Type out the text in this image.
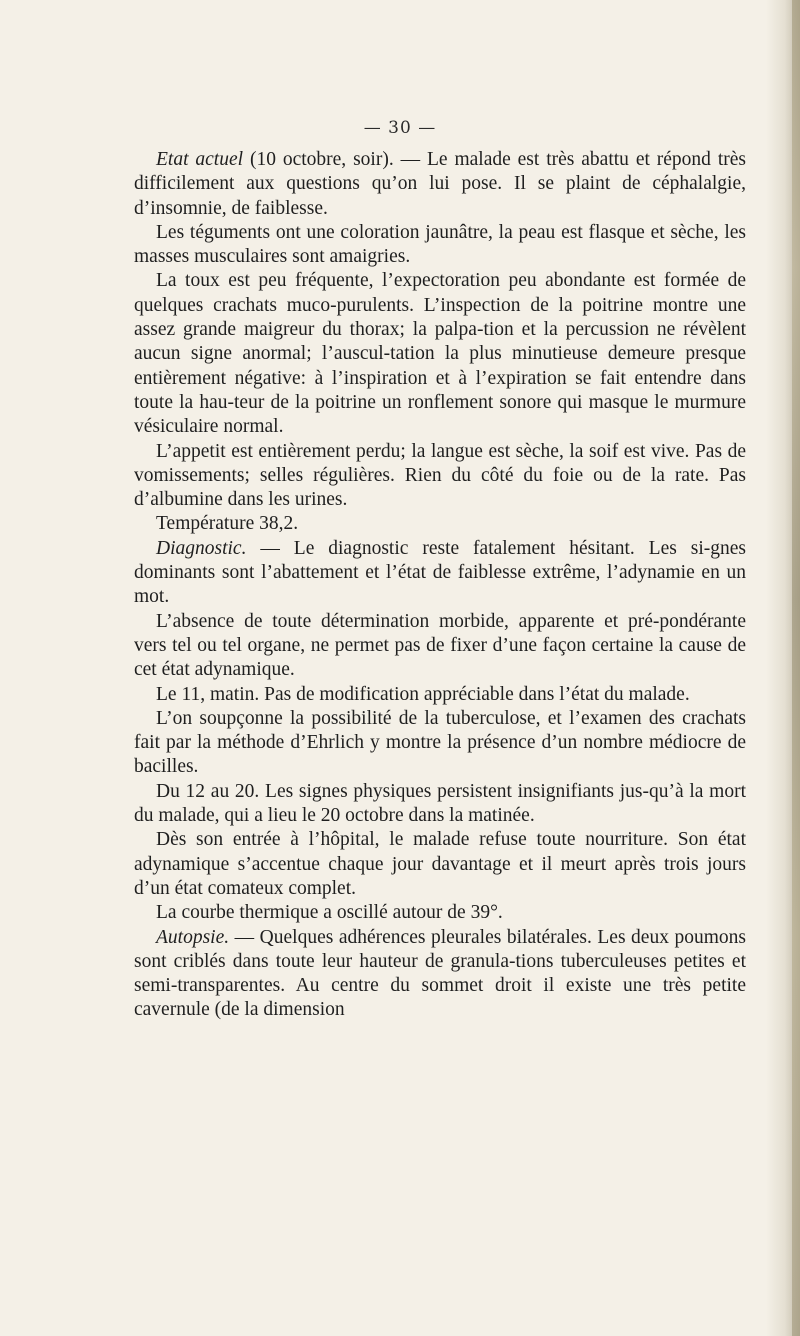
— 30 —

Etat actuel (10 octobre, soir). — Le malade est très abattu et répond très difficilement aux questions qu’on lui pose. Il se plaint de céphalalgie, d’insomnie, de faiblesse.

Les téguments ont une coloration jaunâtre, la peau est flasque et sèche, les masses musculaires sont amaigries.

La toux est peu fréquente, l’expectoration peu abondante est formée de quelques crachats muco-purulents. L’inspection de la poitrine montre une assez grande maigreur du thorax; la palpa-tion et la percussion ne révèlent aucun signe anormal; l’auscul-tation la plus minutieuse demeure presque entièrement négative: à l’inspiration et à l’expiration se fait entendre dans toute la hau-teur de la poitrine un ronflement sonore qui masque le murmure vésiculaire normal.

L’appetit est entièrement perdu; la langue est sèche, la soif est vive. Pas de vomissements; selles régulières. Rien du côté du foie ou de la rate. Pas d’albumine dans les urines.

Température 38,2.

Diagnostic. — Le diagnostic reste fatalement hésitant. Les si-gnes dominants sont l’abattement et l’état de faiblesse extrême, l’adynamie en un mot.

L’absence de toute détermination morbide, apparente et pré-pondérante vers tel ou tel organe, ne permet pas de fixer d’une façon certaine la cause de cet état adynamique.

Le 11, matin. Pas de modification appréciable dans l’état du malade.

L’on soupçonne la possibilité de la tuberculose, et l’examen des crachats fait par la méthode d’Ehrlich y montre la présence d’un nombre médiocre de bacilles.

Du 12 au 20. Les signes physiques persistent insignifiants jus-qu’à la mort du malade, qui a lieu le 20 octobre dans la matinée.

Dès son entrée à l’hôpital, le malade refuse toute nourriture. Son état adynamique s’accentue chaque jour davantage et il meurt après trois jours d’un état comateux complet.

La courbe thermique a oscillé autour de 39°.

Autopsie. — Quelques adhérences pleurales bilatérales. Les deux poumons sont criblés dans toute leur hauteur de granula-tions tuberculeuses petites et semi-transparentes. Au centre du sommet droit il existe une très petite cavernule (de la dimension
